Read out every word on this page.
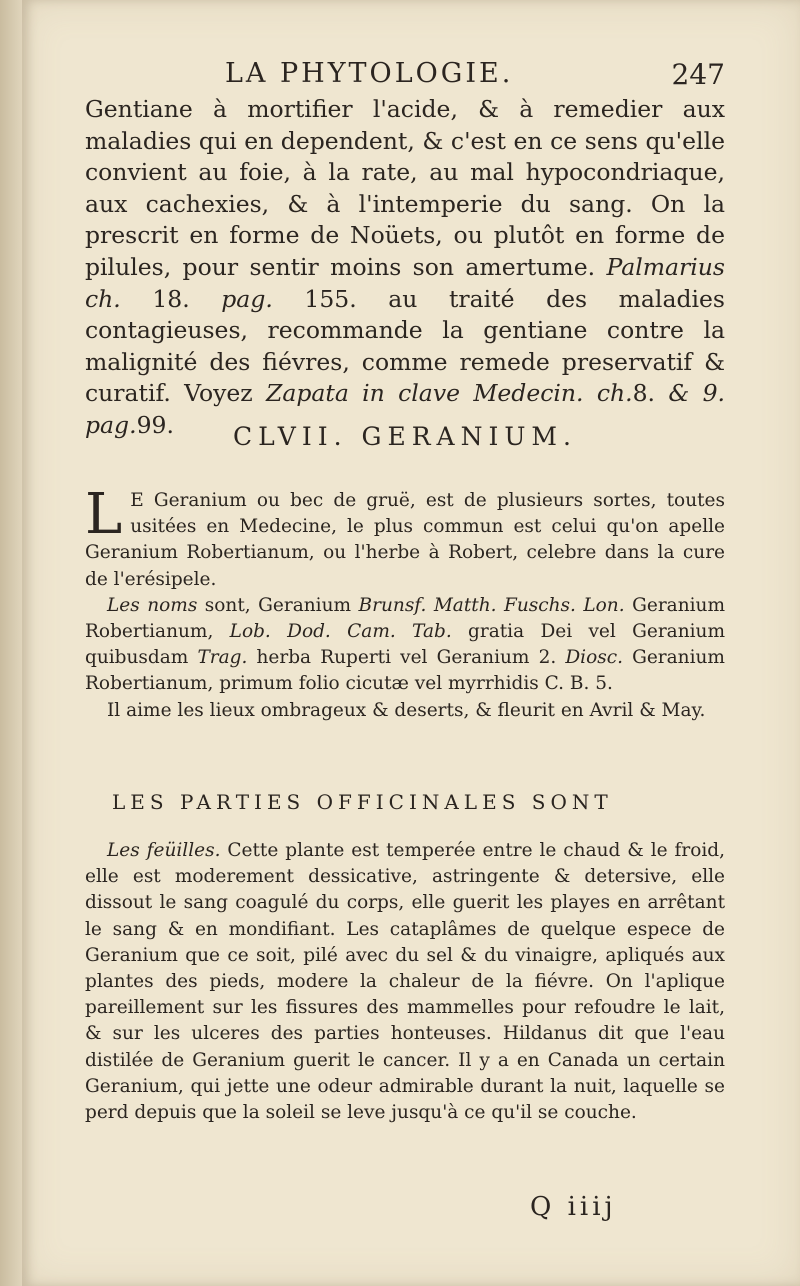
LA PHYTOLOGIE.	247

Gentiane à mortifier l'acide, & à remedier aux maladies qui en dependent, & c'est en ce sens qu'elle convient au foie, à la rate, au mal hypocondriaque, aux cachexies, & à l'intemperie du sang. On la prescrit en forme de Noüets, ou plutôt en forme de pilules, pour sentir moins son amertume. Palmarius ch. 18. pag. 155. au traité des maladies contagieuses, recommande la gentiane contre la malignité des fiévres, comme remede preservatif & curatif. Voyez Zapata in clave Medecin. ch.8. & 9. pag.99.	CLVII. GERANIUM.

L E Geranium ou bec de gruë, est de plusieurs sortes, toutes usitées en Medecine, le plus commun est celui qu'on apelle Geranium Robertianum, ou l'herbe à Robert, celebre dans la cure de l'erésipele.

Les noms sont, Geranium Brunsf. Matth. Fuschs. Lon. Geranium Robertianum, Lob. Dod. Cam. Tab. gratia Dei vel Geranium quibusdam Trag. herba Ruperti vel Geranium 2. Diosc. Geranium Robertianum, primum folio cicutæ vel myrrhidis C. B. 5.

Il aime les lieux ombrageux & deserts, & fleurit en Avril & May.

LES PARTIES OFFICINALES SONT

Les feüilles. Cette plante est temperée entre le chaud & le froid, elle est moderement dessicative, astringente & detersive, elle dissout le sang coagulé du corps, elle guerit les playes en arrêtant le sang & en mondifiant. Les cataplâmes de quelque espece de Geranium que ce soit, pilé avec du sel & du vinaigre, apliqués aux plantes des pieds, modere la chaleur de la fiévre. On l'aplique pareillement sur les fissures des mammelles pour refoudre le lait, & sur les ulceres des parties honteuses. Hildanus dit que l'eau distilée de Geranium guerit le cancer. Il y a en Canada un certain Geranium, qui jette une odeur admirable durant la nuit, laquelle se perd depuis que la soleil se leve jusqu'à ce qu'il se couche.

Q iiij
